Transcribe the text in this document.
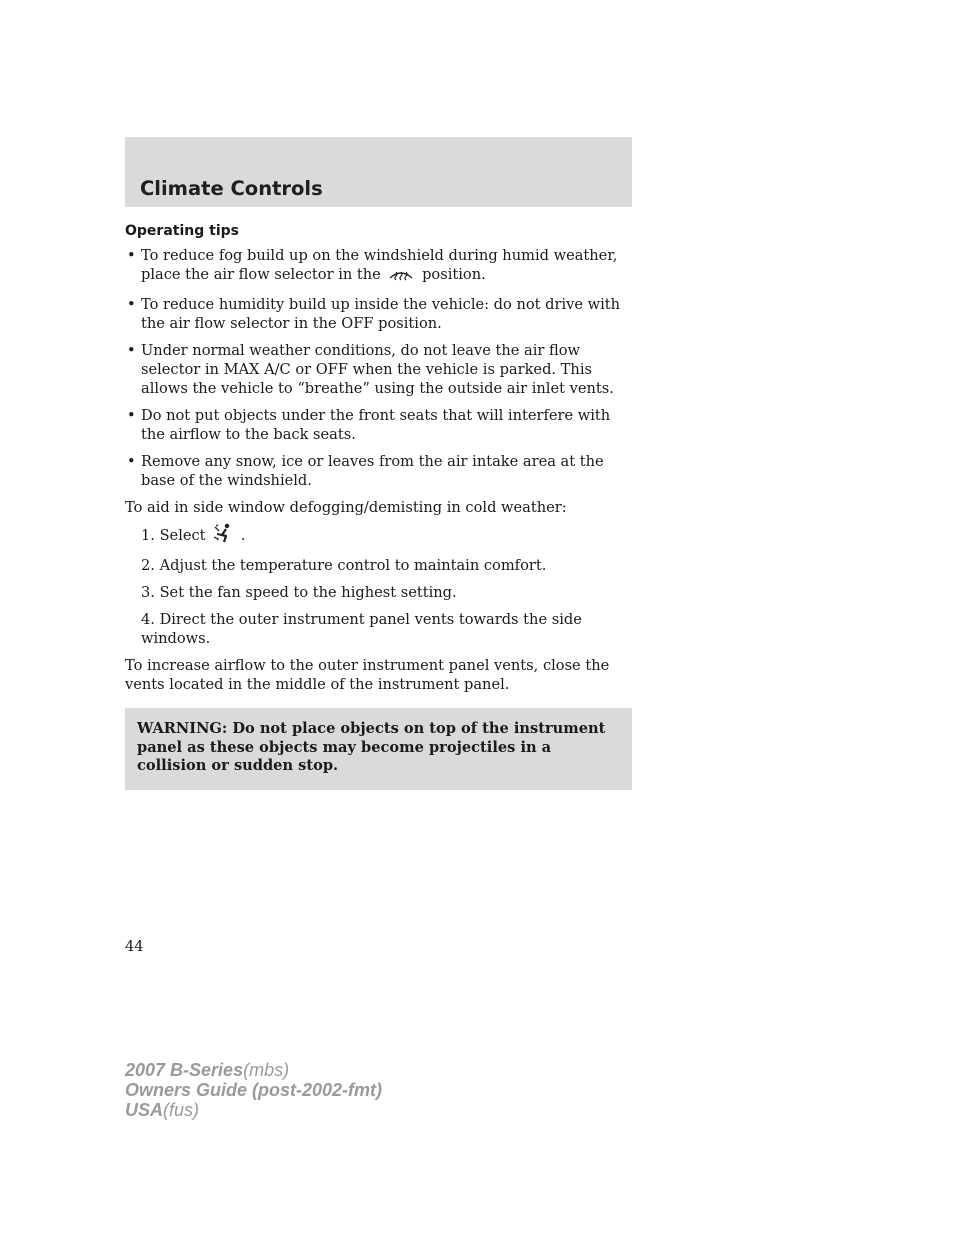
Climate Controls
Operating tips
• To reduce fog build up on the windshield during humid weather, place the air flow selector in the	position.
• To reduce humidity build up inside the vehicle: do not drive with the air flow selector in the OFF position.
• Under normal weather conditions, do not leave the air flow selector in MAX A/C or OFF when the vehicle is parked. This allows the vehicle to “breathe” using the outside air inlet vents.
• Do not put objects under the front seats that will interfere with the airflow to the back seats.
• Remove any snow, ice or leaves from the air intake area at the base of the windshield.
To aid in side window defogging/demisting in cold weather:
1. Select .
2. Adjust the temperature control to maintain comfort.
3. Set the fan speed to the highest setting.
4. Direct the outer instrument panel vents towards the side windows.
To increase airflow to the outer instrument panel vents, close the vents located in the middle of the instrument panel.
WARNING: Do not place objects on top of the instrument panel as these objects may become projectiles in a collision or sudden stop.
44
2007 B-Series(mbs)
Owners Guide (post-2002-fmt)
USA(fus)
